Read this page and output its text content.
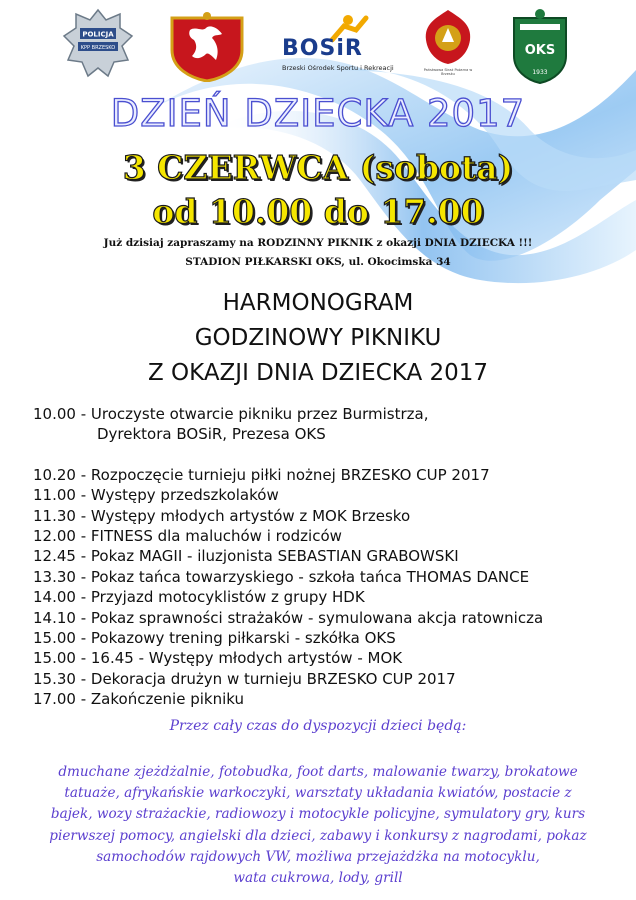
POLICJA
KPP BRZESKO	BOSiR
Brzeski Ośrodek Sportu i Rekreacji	Państwowa Straż Pożarna w Brzesku
OKS
1933
DZIEŃ DZIECKA 2017
3 CZERWCA (sobota)
od 10.00 do 17.00
Już dzisiaj zapraszamy na RODZINNY PIKNIK z okazji DNIA DZIECKA !!!
STADION PIŁKARSKI OKS, ul. Okocimska 34
HARMONOGRAM
GODZINOWY PIKNIKU
Z OKAZJI DNIA DZIECKA 2017
10.00 - Uroczyste otwarcie pikniku przez Burmistrza,
Dyrektora BOSiR, Prezesa OKS
10.20 - Rozpoczęcie turnieju piłki nożnej BRZESKO CUP 2017
11.00 - Występy przedszkolaków
11.30 - Występy młodych artystów z MOK Brzesko
12.00 - FITNESS dla maluchów i rodziców
12.45 - Pokaz MAGII - iluzjonista SEBASTIAN GRABOWSKI
13.30 - Pokaz tańca towarzyskiego - szkoła tańca THOMAS DANCE
14.00 - Przyjazd motocyklistów z grupy HDK
14.10 - Pokaz sprawności strażaków - symulowana akcja ratownicza
15.00 - Pokazowy trening piłkarski - szkółka OKS
15.00 - 16.45 - Występy młodych artystów - MOK
15.30 - Dekoracja drużyn w turnieju BRZESKO CUP 2017
17.00 - Zakończenie pikniku
Przez cały czas do dyspozycji dzieci będą:
dmuchane zjeżdżalnie, fotobudka, foot darts, malowanie twarzy, brokatowe
tatuaże, afrykańskie warkoczyki, warsztaty układania kwiatów, postacie z
bajek, wozy strażackie, radiowozy i motocykle policyjne, symulatory gry, kurs
pierwszej pomocy, angielski dla dzieci, zabawy i konkursy z nagrodami, pokaz
samochodów rajdowych VW, możliwa przejażdżka na motocyklu,
wata cukrowa, lody, grill
